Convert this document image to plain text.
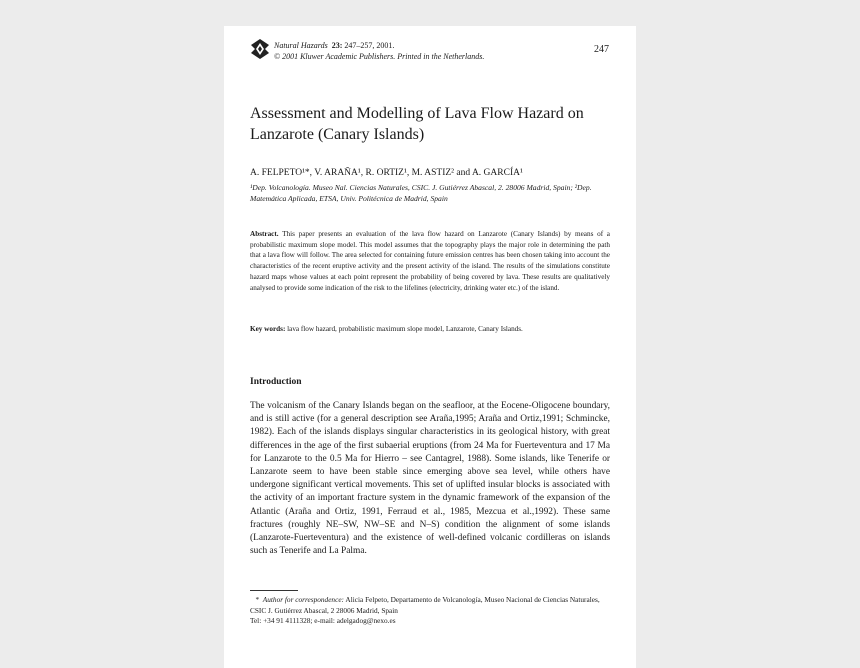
Natural Hazards 23: 247–257, 2001.
© 2001 Kluwer Academic Publishers. Printed in the Netherlands.
247
Assessment and Modelling of Lava Flow Hazard on Lanzarote (Canary Islands)
A. FELPETO¹*, V. ARAÑA¹, R. ORTIZ¹, M. ASTIZ² and A. GARCÍA¹
¹Dep. Volcanología. Museo Nal. Ciencias Naturales, CSIC. J. Gutiérrez Abascal, 2. 28006 Madrid, Spain; ²Dep. Matemática Aplicada, ETSA, Univ. Politécnica de Madrid, Spain
Abstract. This paper presents an evaluation of the lava flow hazard on Lanzarote (Canary Islands) by means of a probabilistic maximum slope model. This model assumes that the topography plays the major role in determining the path that a lava flow will follow. The area selected for containing future emission centres has been chosen taking into account the characteristics of the recent eruptive activity and the present activity of the island. The results of the simulations constitute hazard maps whose values at each point represent the probability of being covered by lava. These results are qualitatively analysed to provide some indication of the risk to the lifelines (electricity, drinking water etc.) of the island.
Key words: lava flow hazard, probabilistic maximum slope model, Lanzarote, Canary Islands.
Introduction
The volcanism of the Canary Islands began on the seafloor, at the Eocene-Oligocene boundary, and is still active (for a general description see Araña,1995; Araña and Ortiz,1991; Schmincke, 1982). Each of the islands displays singular characteristics in its geological history, with great differences in the age of the first subaerial eruptions (from 24 Ma for Fuerteventura and 17 Ma for Lanzarote to the 0.5 Ma for Hierro – see Cantagrel, 1988). Some islands, like Tenerife or Lanzarote seem to have been stable since emerging above sea level, while others have undergone significant vertical movements. This set of uplifted insular blocks is associated with the activity of an important fracture system in the dynamic framework of the expansion of the Atlantic (Araña and Ortiz, 1991, Ferraud et al., 1985, Mezcua et al.,1992). These same fractures (roughly NE–SW, NW–SE and N–S) condition the alignment of some islands (Lanzarote-Fuerteventura) and the existence of well-defined volcanic cordilleras on islands such as Tenerife and La Palma.
* Author for correspondence: Alicia Felpeto, Departamento de Volcanología, Museo Nacional de Ciencias Naturales, CSIC J. Gutiérrez Abascal, 2 28006 Madrid, Spain
Tel: +34 91 4111328; e-mail: adelgadog@nexo.es
